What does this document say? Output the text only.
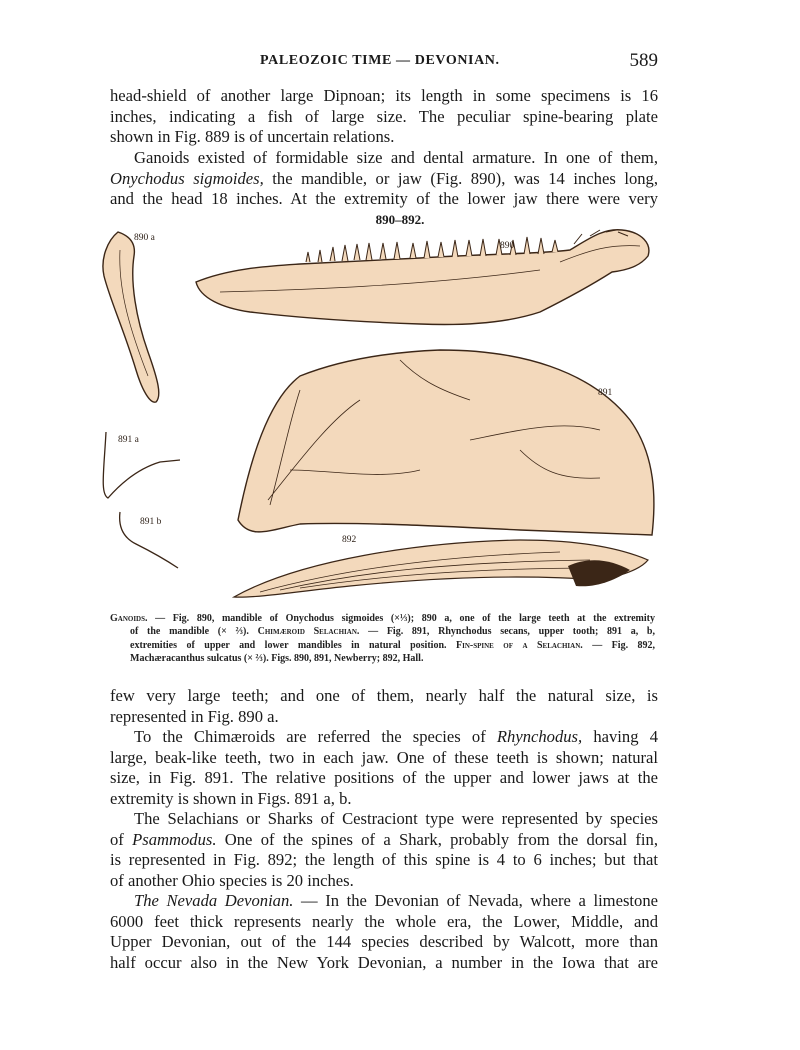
PALEOZOIC TIME — DEVONIAN.	589
head-shield of another large Dipnoan; its length in some specimens is 16
inches, indicating a fish of large size. The peculiar spine-bearing plate
shown in Fig. 889 is of uncertain relations.
Ganoids existed of formidable size and dental armature. In one of them,
Onychodus sigmoides, the mandible, or jaw (Fig. 890), was 14 inches long,
and the head 18 inches. At the extremity of the lower jaw there were very
890–892.
890 a
890
891
891 a
891 b
892
Ganoids. — Fig. 890, mandible of Onychodus sigmoides (×⅓); 890 a, one of the large teeth at the extremity
of the mandible (× ⅔). Chimæroid Selachian. — Fig. 891, Rhynchodus secans, upper tooth; 891 a, b,
extremities of upper and lower mandibles in natural position. Fin-spine of a Selachian. — Fig. 892,
Machæracanthus sulcatus (× ⅔). Figs. 890, 891, Newberry; 892, Hall.
few very large teeth; and one of them, nearly half the natural size, is
represented in Fig. 890 a.
To the Chimæroids are referred the species of Rhynchodus, having 4
large, beak-like teeth, two in each jaw. One of these teeth is shown; natural
size, in Fig. 891. The relative positions of the upper and lower jaws at the
extremity is shown in Figs. 891 a, b.
The Selachians or Sharks of Cestraciont type were represented by species
of Psammodus. One of the spines of a Shark, probably from the dorsal fin,
is represented in Fig. 892; the length of this spine is 4 to 6 inches; but that
of another Ohio species is 20 inches.
The Nevada Devonian. — In the Devonian of Nevada, where a limestone
6000 feet thick represents nearly the whole era, the Lower, Middle, and
Upper Devonian, out of the 144 species described by Walcott, more than
half occur also in the New York Devonian, a number in the Iowa that are
